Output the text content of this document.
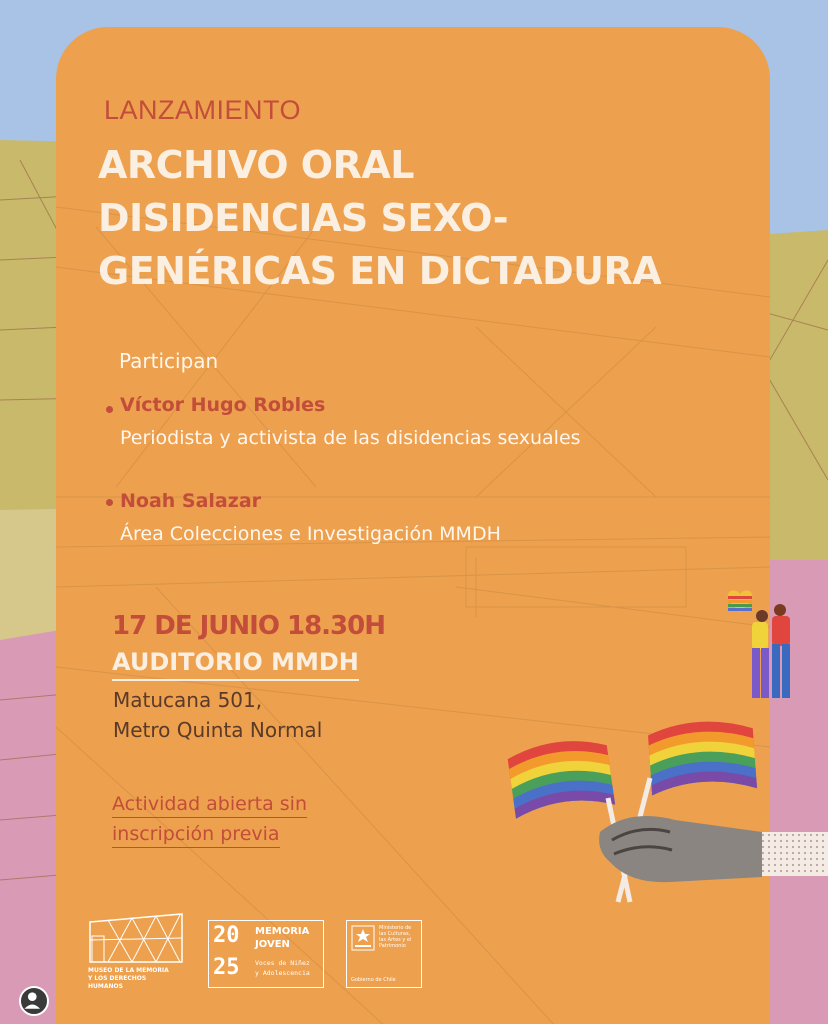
LANZAMIENTO
ARCHIVO ORAL
DISIDENCIAS SEXO-
GENÉRICAS EN DICTADURA
Participan
Víctor Hugo Robles
Periodista y activista de las disidencias sexuales
Noah Salazar
Área Colecciones e Investigación MMDH
17 DE JUNIO 18.30H
AUDITORIO MMDH
Matucana 501,
Metro Quinta Normal
Actividad abierta sin
inscripción previa
MUSEO DE LA MEMORIA
Y LOS DERECHOS
HUMANOS
20
25
MEMORIA
JOVEN
Voces de Niñez
y Adolescencia
Ministerio de
las Culturas,
las Artes y el
Patrimonio
Gobierno de Chile
